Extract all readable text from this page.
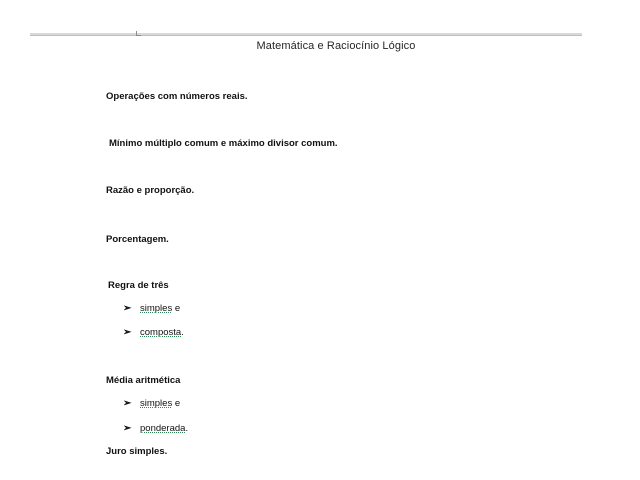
Matemática e Raciocínio Lógico
Operações com números reais.
Mínimo múltiplo comum e máximo divisor comum.
Razão e proporção.
Porcentagem.
Regra de três
➢ simples e
➢ composta.
Média aritmética
➢ simples e
➢ ponderada.
Juro simples.
